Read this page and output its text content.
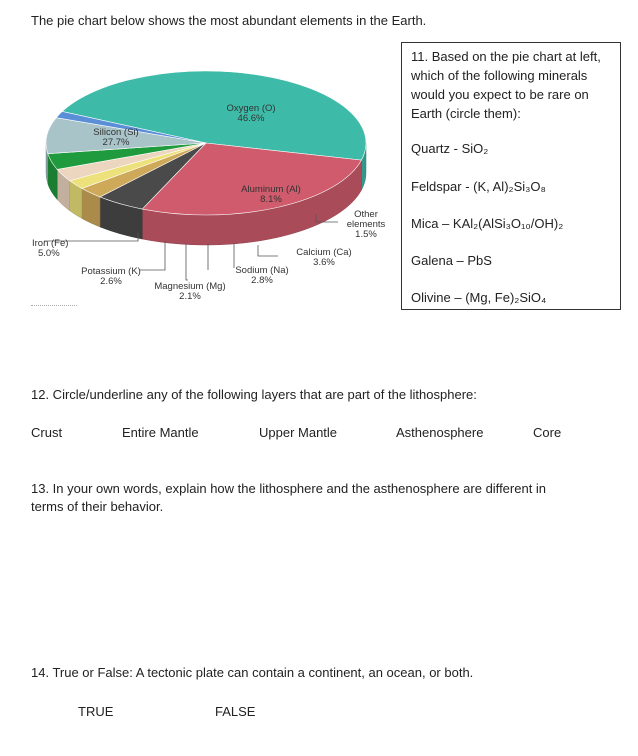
The pie chart below shows the most abundant elements in the Earth.
Oxygen (O)
46.6%
Silicon (Si)
27.7%
Aluminum (Al)
8.1%
Other
elements
1.5%
Iron (Fe)
5.0%	Calcium (Ca)
3.6%
Sodium (Na)
2.8%
Potassium (K)
2.6%	Magnesium (Mg)
2.1%
11. Based on the pie chart at left, which of the following minerals would you expect to be rare on Earth (circle them):
Quartz - SiO₂
Feldspar - (K, Al)₂Si₃O₈
Mica – KAl₂(AlSi₃O₁₀/OH)₂
Galena – PbS
Olivine – (Mg, Fe)₂SiO₄
12. Circle/underline any of the following layers that are part of the lithosphere:
Crust	Entire Mantle	Upper Mantle	Asthenosphere	Core
13. In your own words, explain how the lithosphere and the asthenosphere are different in terms of their behavior.
14. True or False: A tectonic plate can contain a continent, an ocean, or both.
TRUE	FALSE
